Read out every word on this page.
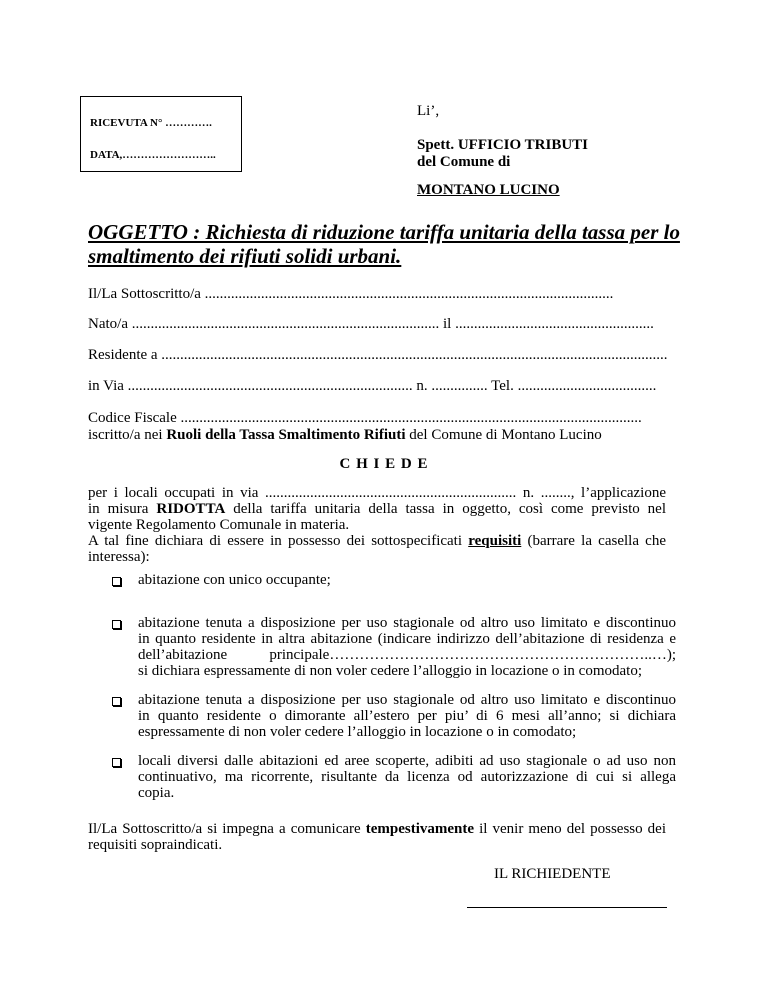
RICEVUTA N° ………….
DATA,……………………..
Li’,
Spett. UFFICIO TRIBUTI
del Comune di
MONTANO LUCINO
OGGETTO : Richiesta di riduzione tariffa unitaria della tassa per lo
smaltimento dei rifiuti solidi urbani.
Il/La Sottoscritto/a .............................................................................................................
Nato/a .................................................................................. il .....................................................
Residente a .......................................................................................................................................
in Via ............................................................................ n. ............... Tel. .....................................
Codice Fiscale ...........................................................................................................................
iscritto/a nei Ruoli della Tassa Smaltimento Rifiuti del Comune di Montano Lucino
C H I E D E
per i locali occupati in via ................................................................... n. ........, l’applicazione
in misura RIDOTTA della tariffa unitaria della tassa in oggetto, così come previsto nel
vigente Regolamento Comunale in materia.
A tal fine dichiara di essere in possesso dei sottospecificati requisiti (barrare la casella che
interessa):
abitazione con unico occupante;
abitazione tenuta a disposizione per uso stagionale od altro uso limitato e discontinuo
in quanto residente in altra abitazione (indicare indirizzo dell’abitazione di residenza e
dell’abitazione principale………………………………………………………..…);
si dichiara espressamente di non voler cedere l’alloggio in locazione o in comodato;
abitazione tenuta a disposizione per uso stagionale od altro uso limitato e discontinuo
in quanto residente o dimorante all’estero per piu’ di 6 mesi all’anno; si dichiara
espressamente di non voler cedere l’alloggio in locazione o in comodato;
locali diversi dalle abitazioni ed aree scoperte, adibiti ad uso stagionale o ad uso non
continuativo, ma ricorrente, risultante da licenza od autorizzazione di cui si allega
copia.
Il/La Sottoscritto/a si impegna a comunicare tempestivamente il venir meno del possesso dei
requisiti sopraindicati.
IL RICHIEDENTE
